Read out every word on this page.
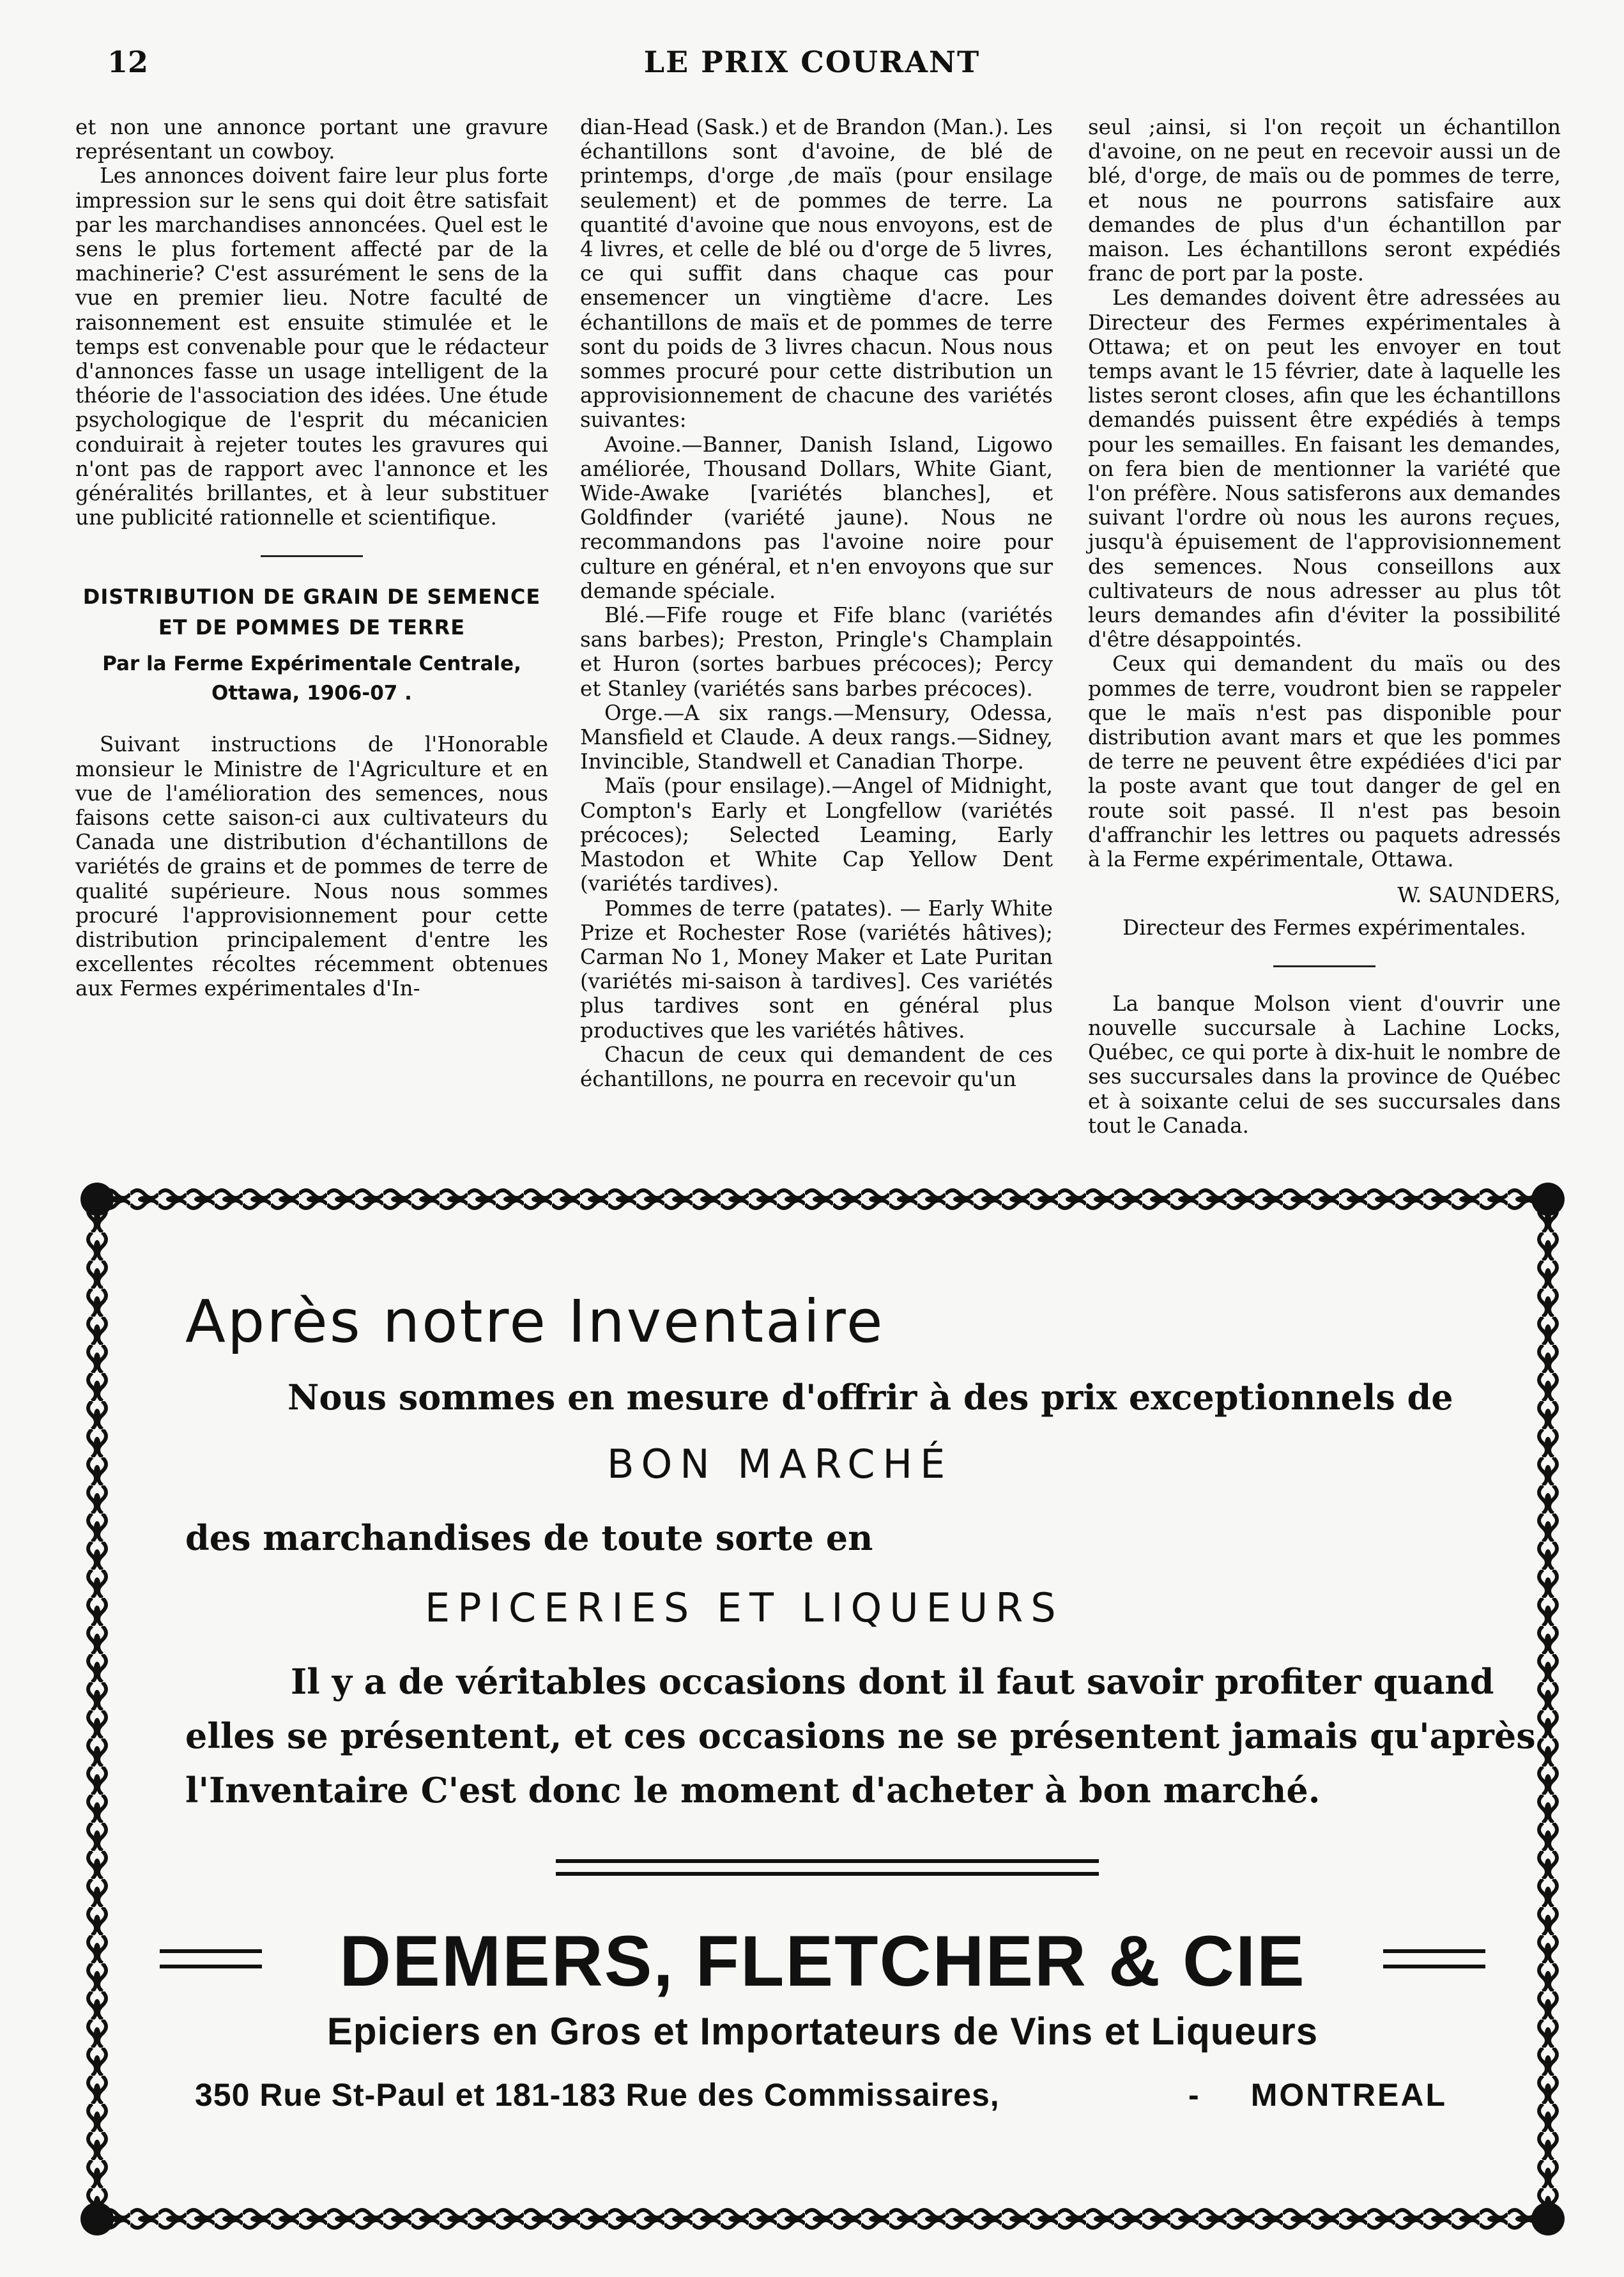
12	LE PRIX COURANT

et non une annonce portant une gravure représentant un cowboy.

Les annonces doivent faire leur plus forte impression sur le sens qui doit être satisfait par les marchandises annoncées. Quel est le sens le plus fortement affecté par de la machinerie? C'est assurément le sens de la vue en premier lieu. Notre faculté de raisonnement est ensuite stimulée et le temps est convenable pour que le rédacteur d'annonces fasse un usage intelligent de la théorie de l'association des idées. Une étude psychologique de l'esprit du mécanicien conduirait à rejeter toutes les gravures qui n'ont pas de rapport avec l'annonce et les généralités brillantes, et à leur substituer une publicité rationnelle et scientifique.

DISTRIBUTION DE GRAIN DE SEMENCE ET DE POMMES DE TERRE
Par la Ferme Expérimentale Centrale, Ottawa, 1906-07 .

Suivant instructions de l'Honorable monsieur le Ministre de l'Agriculture et en vue de l'amélioration des semences, nous faisons cette saison-ci aux cultivateurs du Canada une distribution d'échantillons de variétés de grains et de pommes de terre de qualité supérieure. Nous nous sommes procuré l'approvisionnement pour cette distribution principalement d'entre les excellentes récoltes récemment obtenues aux Fermes expérimentales d'In-

dian-Head (Sask.) et de Brandon (Man.). Les échantillons sont d'avoine, de blé de printemps, d'orge ,de maïs (pour ensilage seulement) et de pommes de terre. La quantité d'avoine que nous envoyons, est de 4 livres, et celle de blé ou d'orge de 5 livres, ce qui suffit dans chaque cas pour ensemencer un vingtième d'acre. Les échantillons de maïs et de pommes de terre sont du poids de 3 livres chacun. Nous nous sommes procuré pour cette distribution un approvisionnement de chacune des variétés suivantes:

Avoine.—Banner, Danish Island, Ligowo améliorée, Thousand Dollars, White Giant, Wide-Awake [variétés blanches], et Goldfinder (variété jaune). Nous ne recommandons pas l'avoine noire pour culture en général, et n'en envoyons que sur demande spéciale.

Blé.—Fife rouge et Fife blanc (variétés sans barbes); Preston, Pringle's Champlain et Huron (sortes barbues précoces); Percy et Stanley (variétés sans barbes précoces).

Orge.—A six rangs.—Mensury, Odessa, Mansfield et Claude. A deux rangs.—Sidney, Invincible, Standwell et Canadian Thorpe.

Maïs (pour ensilage).—Angel of Midnight, Compton's Early et Longfellow (variétés précoces); Selected Leaming, Early Mastodon et White Cap Yellow Dent (variétés tardives).

Pommes de terre (patates). — Early White Prize et Rochester Rose (variétés hâtives); Carman No 1, Money Maker et Late Puritan (variétés mi-saison à tardives]. Ces variétés plus tardives sont en général plus productives que les variétés hâtives.

Chacun de ceux qui demandent de ces échantillons, ne pourra en recevoir qu'un

seul ;ainsi, si l'on reçoit un échantillon d'avoine, on ne peut en recevoir aussi un de blé, d'orge, de maïs ou de pommes de terre, et nous ne pourrons satisfaire aux demandes de plus d'un échantillon par maison. Les échantillons seront expédiés franc de port par la poste.

Les demandes doivent être adressées au Directeur des Fermes expérimentales à Ottawa; et on peut les envoyer en tout temps avant le 15 février, date à laquelle les listes seront closes, afin que les échantillons demandés puissent être expédiés à temps pour les semailles. En faisant les demandes, on fera bien de mentionner la variété que l'on préfère. Nous satisferons aux demandes suivant l'ordre où nous les aurons reçues, jusqu'à épuisement de l'approvisionnement des semences. Nous conseillons aux cultivateurs de nous adresser au plus tôt leurs demandes afin d'éviter la possibilité d'être désappointés.

Ceux qui demandent du maïs ou des pommes de terre, voudront bien se rappeler que le maïs n'est pas disponible pour distribution avant mars et que les pommes de terre ne peuvent être expédiées d'ici par la poste avant que tout danger de gel en route soit passé. Il n'est pas besoin d'affranchir les lettres ou paquets adressés à la Ferme expérimentale, Ottawa.

W. SAUNDERS,
Directeur des Fermes expérimentales.

La banque Molson vient d'ouvrir une nouvelle succursale à Lachine Locks, Québec, ce qui porte à dix-huit le nombre de ses succursales dans la province de Québec et à soixante celui de ses succursales dans tout le Canada.

Après notre Inventaire
Nous sommes en mesure d'offrir à des prix exceptionnels de
BON MARCHÉ
des marchandises de toute sorte en
EPICERIES ET LIQUEURS
Il y a de véritables occasions dont il faut savoir profiter quand
elles se présentent, et ces occasions ne se présentent jamais qu'après
l'Inventaire C'est donc le moment d'acheter à bon marché.
DEMERS, FLETCHER & CIE
Epiciers en Gros et Importateurs de Vins et Liqueurs
350 Rue St-Paul et 181-183 Rue des Commissaires,	- MONTREAL
